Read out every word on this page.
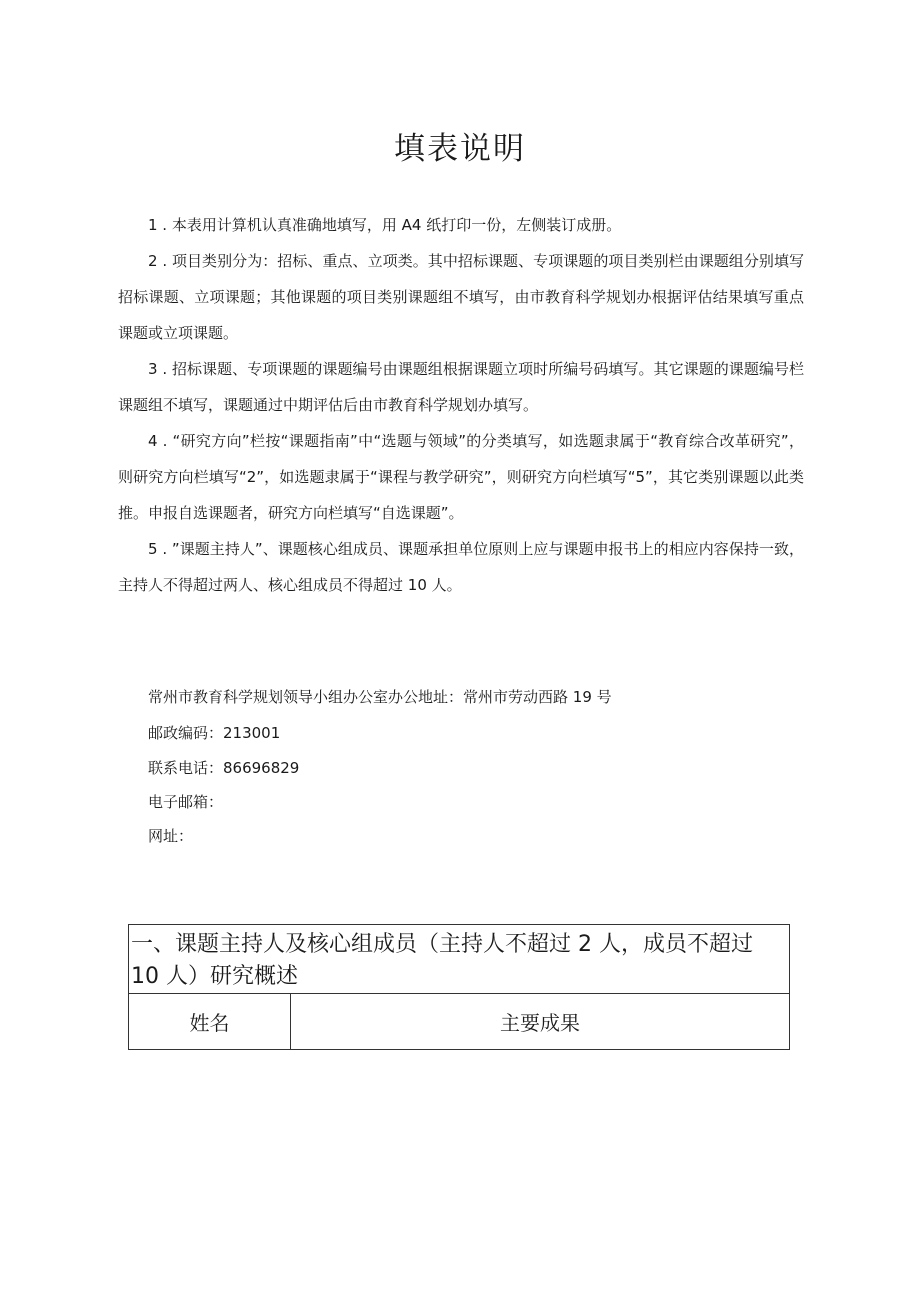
填表说明

1 . 本表用计算机认真准确地填写，用 A4 纸打印一份，左侧装订成册。

2 . 项目类别分为：招标、重点、立项类。其中招标课题、专项课题的项目类别栏由课题组分别填写招标课题、立项课题；其他课题的项目类别课题组不填写，由市教育科学规划办根据评估结果填写重点课题或立项课题。

3 . 招标课题、专项课题的课题编号由课题组根据课题立项时所编号码填写。其它课题的课题编号栏课题组不填写，课题通过中期评估后由市教育科学规划办填写。

4 . “研究方向”栏按“课题指南”中“选题与领域”的分类填写，如选题隶属于“教育综合改革研究”，则研究方向栏填写“2”，如选题隶属于“课程与教学研究”，则研究方向栏填写“5”，其它类别课题以此类推。申报自选课题者，研究方向栏填写“自选课题”。

5 . ”课题主持人”、课题核心组成员、课题承担单位原则上应与课题申报书上的相应内容保持一致，主持人不得超过两人、核心组成员不得超过 10 人。

常州市教育科学规划领导小组办公室办公地址：常州市劳动西路 19 号
邮政编码：213001
联系电话：86696829
电子邮箱：
网址：
一、课题主持人及核心组成员（主持人不超过 2 人，成员不超过 10 人）研究概述
姓名	主要成果
